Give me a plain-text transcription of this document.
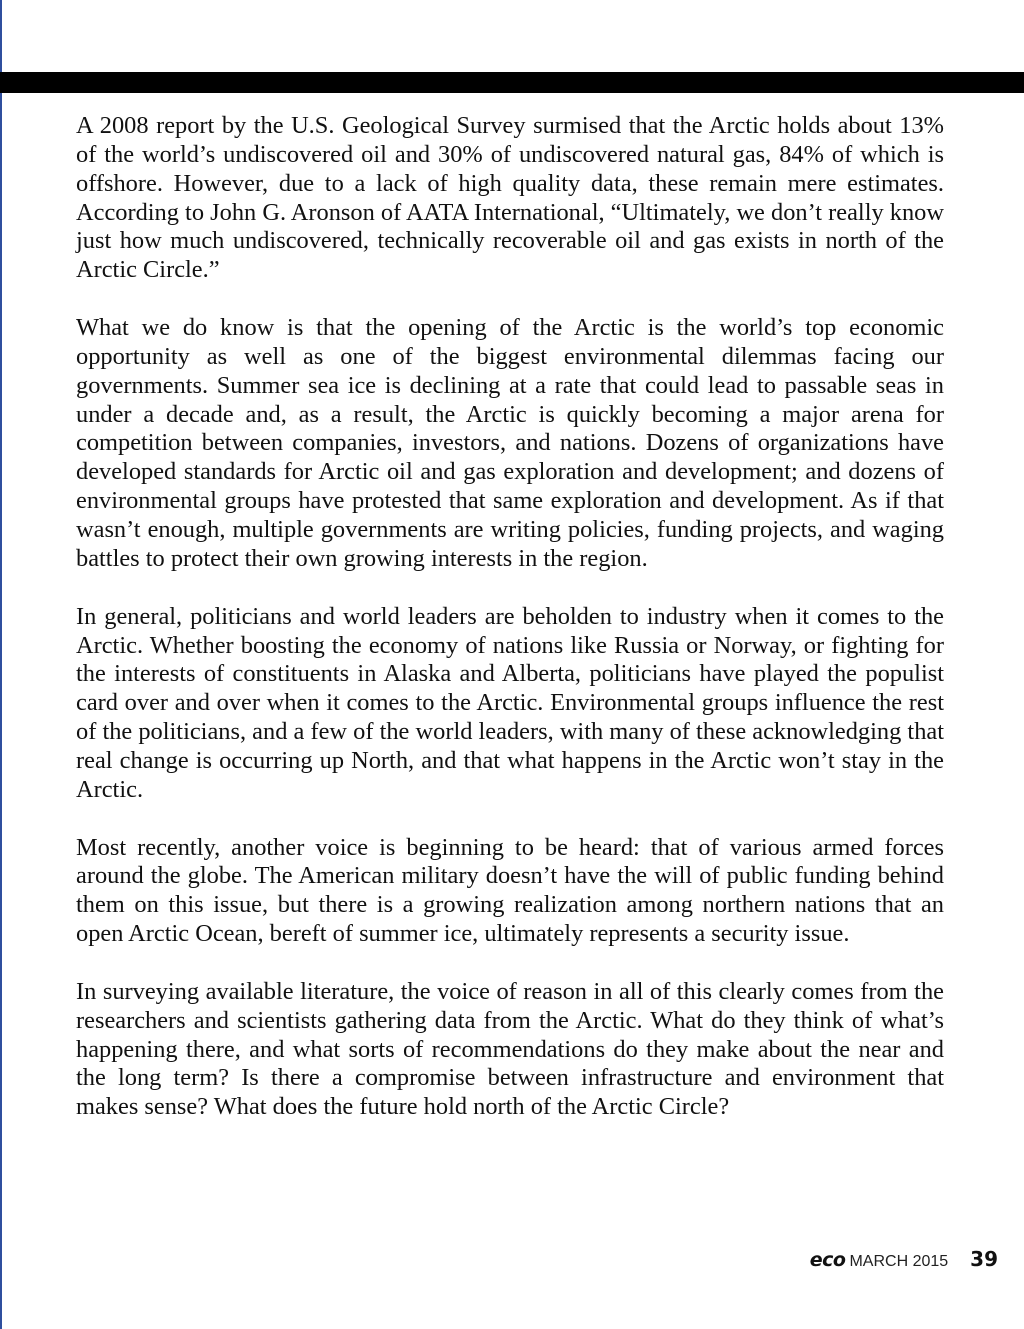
A 2008 report by the U.S. Geological Survey surmised that the Arctic holds about 13% of the world’s undiscovered oil and 30% of undiscovered natural gas, 84% of which is offshore. However, due to a lack of high quality data, these remain mere estimates. According to John G. Aronson of AATA International, “Ultimately, we don’t really know just how much undiscovered, technically recoverable oil and gas exists in north of the Arctic Circle.”

What we do know is that the opening of the Arctic is the world’s top economic opportunity as well as one of the biggest environmental dilemmas facing our governments. Summer sea ice is declining at a rate that could lead to passable seas in under a decade and, as a result, the Arctic is quickly becoming a major arena for competition between companies, investors, and nations. Dozens of organizations have developed standards for Arctic oil and gas exploration and development; and dozens of environmental groups have protested that same exploration and development. As if that wasn’t enough, multiple governments are writing policies, funding projects, and waging battles to protect their own growing interests in the region.

In general, politicians and world leaders are beholden to industry when it comes to the Arctic. Whether boosting the economy of nations like Russia or Norway, or fighting for the interests of constituents in Alaska and Alberta, politicians have played the populist card over and over when it comes to the Arctic. Environmental groups influence the rest of the politicians, and a few of the world leaders, with many of these acknowledging that real change is occurring up North, and that what happens in the Arctic won’t stay in the Arctic.

Most recently, another voice is beginning to be heard: that of various armed forces around the globe. The American military doesn’t have the will of public funding behind them on this issue, but there is a growing realization among northern nations that an open Arctic Ocean, bereft of summer ice, ultimately represents a security issue.

In surveying available literature, the voice of reason in all of this clearly comes from the researchers and scientists gathering data from the Arctic. What do they think of what’s happening there, and what sorts of recommendations do they make about the near and the long term? Is there a compromise between infrastructure and environment that makes sense? What does the future hold north of the Arctic Circle?

eco MARCH 2015 39
